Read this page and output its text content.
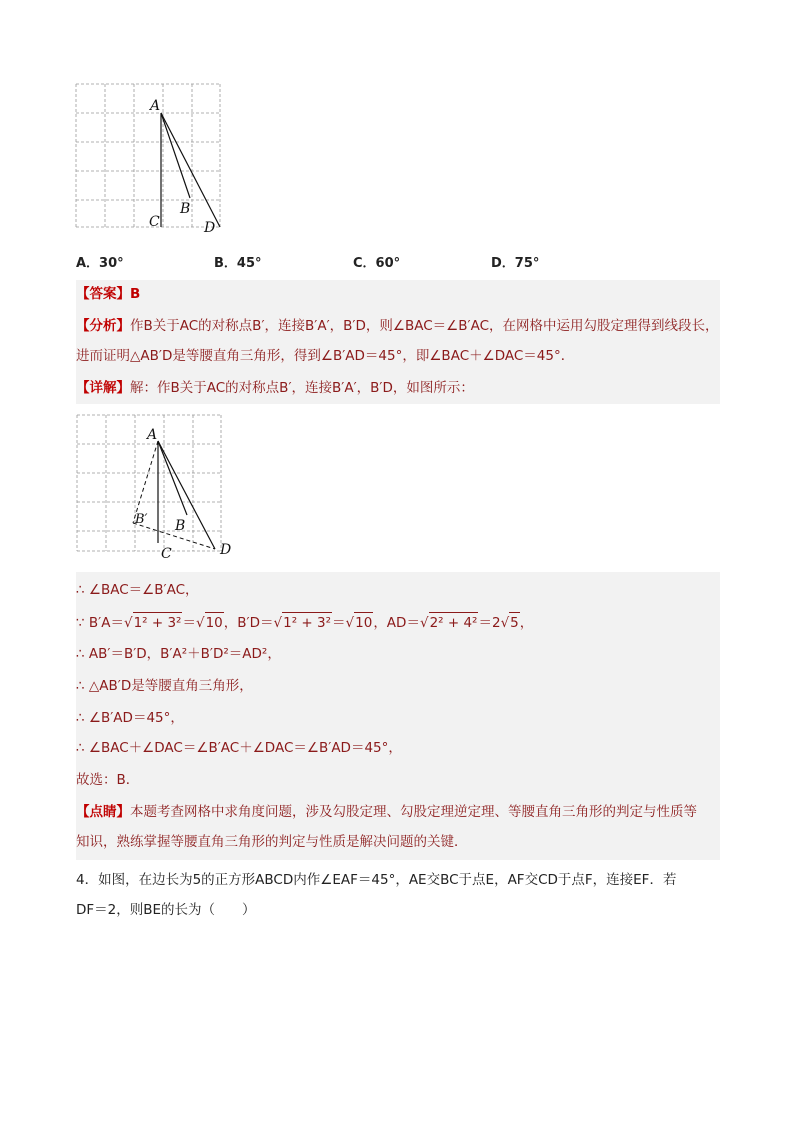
A
B
C	D
A．30°	B．45°	C．60°	D．75°
【答案】B
【分析】作B关于AC的对称点B′，连接B′A′，B′D，则∠BAC＝∠B′AC，在网格中运用勾股定理得到线段长，
进而证明△AB′D是等腰直角三角形，得到∠B′AD＝45°，即∠BAC＋∠DAC＝45°．
【详解】解：作B关于AC的对称点B′，连接B′A′，B′D，如图所示：
A
B′ B
C	D
∴ ∠BAC＝∠B′AC，
∵ B′A＝√1² + 3²＝√10，B′D＝√1² + 3²＝√10，AD＝√2² + 4²＝2√5，
∴ AB′＝B′D，B′A²＋B′D²＝AD²，
∴ △AB′D是等腰直角三角形，
∴ ∠B′AD＝45°，
∴ ∠BAC＋∠DAC＝∠B′AC＋∠DAC＝∠B′AD＝45°，
故选：B．
【点睛】本题考查网格中求角度问题，涉及勾股定理、勾股定理逆定理、等腰直角三角形的判定与性质等
知识，熟练掌握等腰直角三角形的判定与性质是解决问题的关键．
4．如图，在边长为5的正方形ABCD内作∠EAF＝45°，AE交BC于点E，AF交CD于点F，连接EF．若
DF＝2，则BE的长为（　　）
